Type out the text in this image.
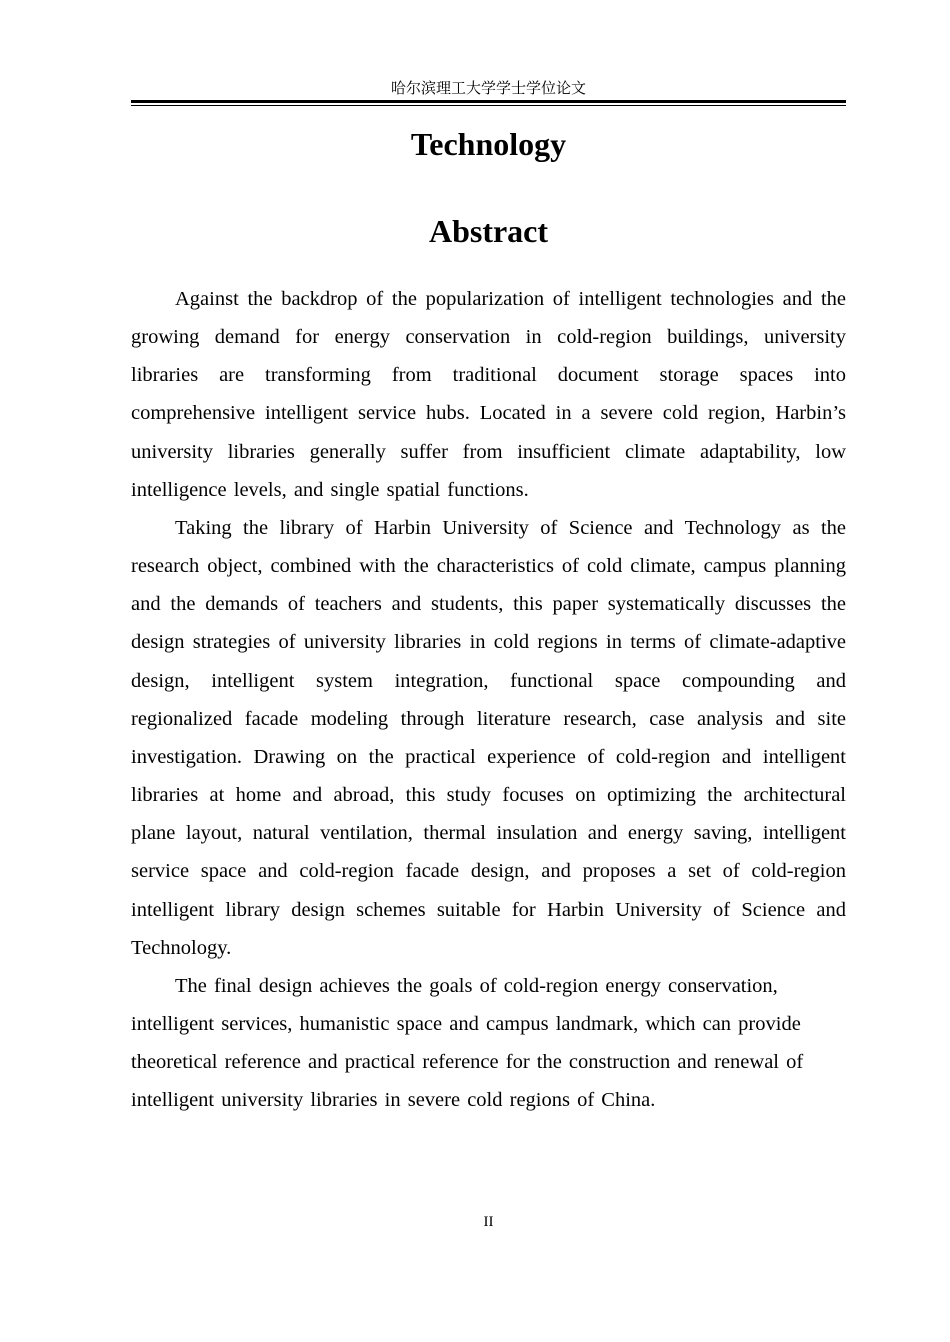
哈尔滨理工大学学士学位论文
Technology
Abstract

Against the backdrop of the popularization of intelligent technologies and the growing demand for energy conservation in cold-region buildings, university libraries are transforming from traditional document storage spaces into comprehensive intelligent service hubs. Located in a severe cold region, Harbin’s university libraries generally suffer from insufficient climate adaptability, low intelligence levels, and single spatial functions.

Taking the library of Harbin University of Science and Technology as the research object, combined with the characteristics of cold climate, campus planning and the demands of teachers and students, this paper systematically discusses the design strategies of university libraries in cold regions in terms of climate-adaptive design, intelligent system integration, functional space compounding and regionalized facade modeling through literature research, case analysis and site investigation. Drawing on the practical experience of cold-region and intelligent libraries at home and abroad, this study focuses on optimizing the architectural plane layout, natural ventilation, thermal insulation and energy saving, intelligent service space and cold-region facade design, and proposes a set of cold-region intelligent library design schemes suitable for Harbin University of Science and Technology.

The final design achieves the goals of cold-region energy conservation, intelligent services, humanistic space and campus landmark, which can provide theoretical reference and practical reference for the construction and renewal of

intelligent university libraries in severe cold regions of China.

II
